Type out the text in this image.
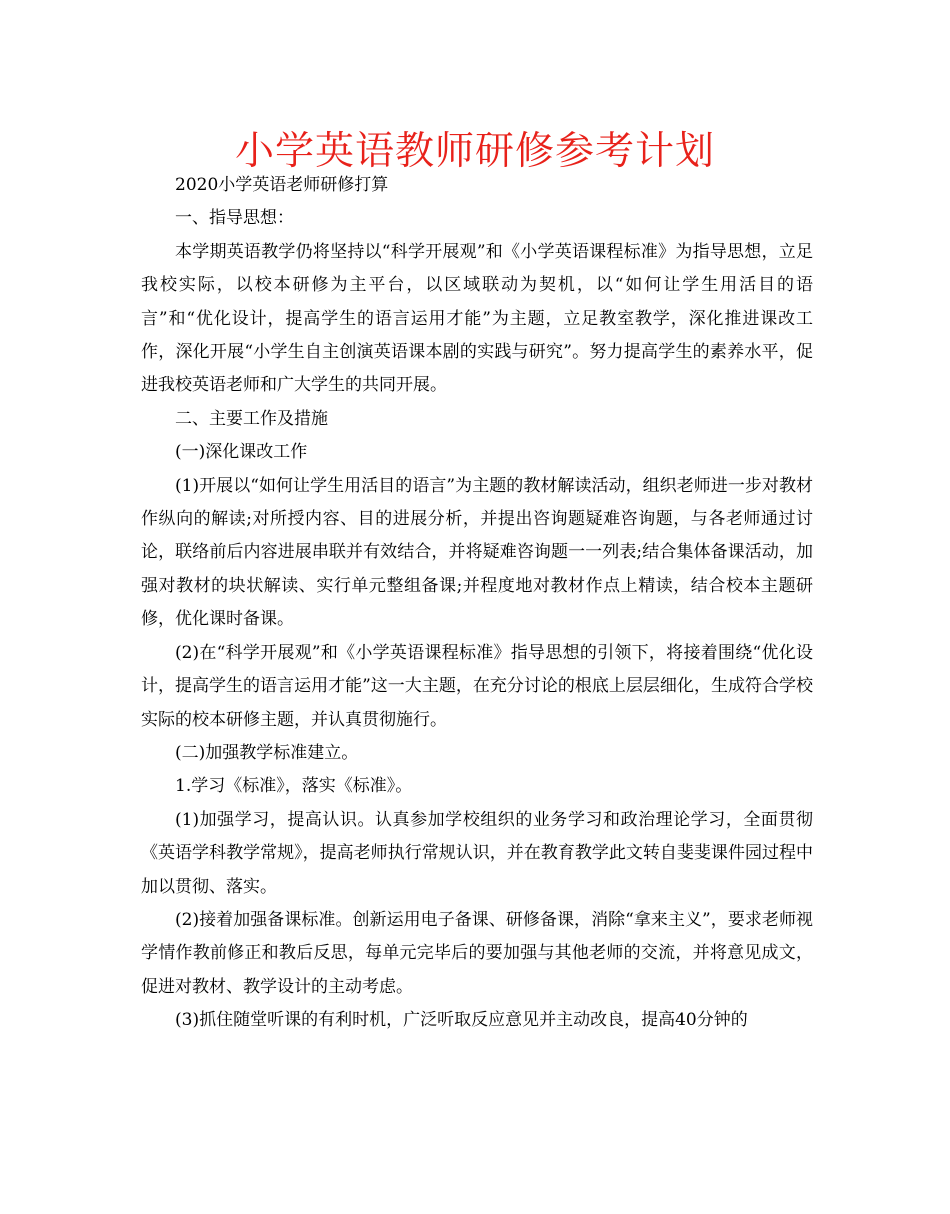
小学英语教师研修参考计划

2020小学英语老师研修打算

一、指导思想：

本学期英语教学仍将坚持以“科学开展观”和《小学英语课程标准》为指导思想，立足我校实际，以校本研修为主平台，以区域联动为契机，以“如何让学生用活目的语言”和“优化设计，提高学生的语言运用才能”为主题，立足教室教学，深化推进课改工作，深化开展“小学生自主创演英语课本剧的实践与研究”。努力提高学生的素养水平，促进我校英语老师和广大学生的共同开展。

二、主要工作及措施

(一)深化课改工作

(1)开展以“如何让学生用活目的语言”为主题的教材解读活动，组织老师进一步对教材作纵向的解读;对所授内容、目的进展分析，并提出咨询题疑难咨询题，与各老师通过讨论，联络前后内容进展串联并有效结合，并将疑难咨询题一一列表;结合集体备课活动，加强对教材的块状解读、实行单元整组备课;并程度地对教材作点上精读，结合校本主题研修，优化课时备课。

(2)在“科学开展观”和《小学英语课程标准》指导思想的引领下，将接着围绕“优化设计，提高学生的语言运用才能”这一大主题，在充分讨论的根底上层层细化，生成符合学校实际的校本研修主题，并认真贯彻施行。

(二)加强教学标准建立。

1.学习《标准》，落实《标准》。

(1)加强学习，提高认识。认真参加学校组织的业务学习和政治理论学习，全面贯彻《英语学科教学常规》，提高老师执行常规认识，并在教育教学此文转自斐斐课件园过程中加以贯彻、落实。

(2)接着加强备课标准。创新运用电子备课、研修备课，消除“拿来主义”，要求老师视学情作教前修正和教后反思，每单元完毕后的要加强与其他老师的交流，并将意见成文，促进对教材、教学设计的主动考虑。

(3)抓住随堂听课的有利时机，广泛听取反应意见并主动改良，提高40分钟的
